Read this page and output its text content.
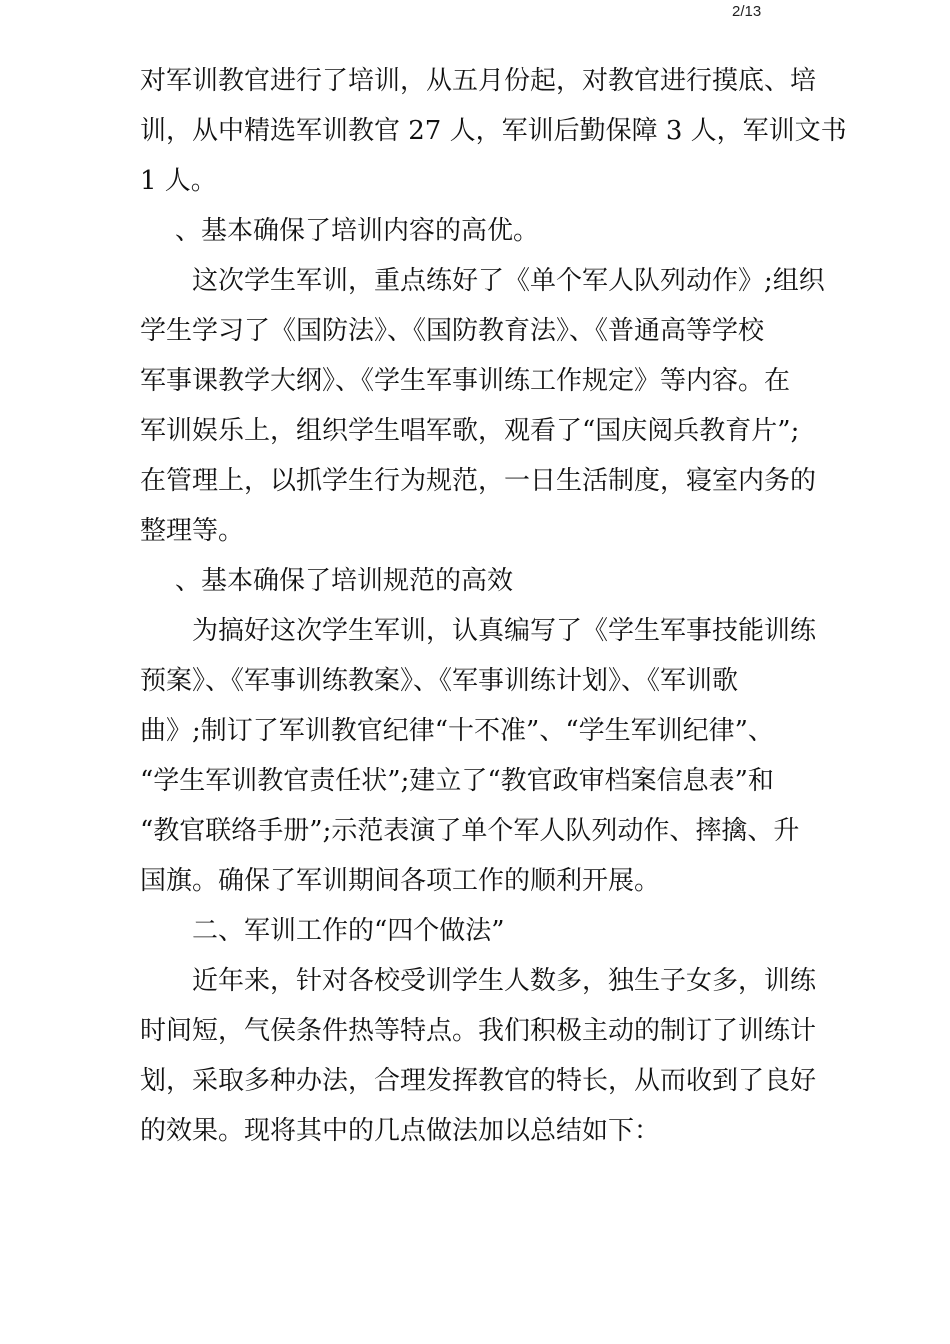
2/13
对军训教官进行了培训，从五月份起，对教官进行摸底、培
训，从中精选军训教官 27 人，军训后勤保障 3 人，军训文书
1 人。
、基本确保了培训内容的高优。
这次学生军训，重点练好了《单个军人队列动作》;组织
学生学习了《国防法》、《国防教育法》、《普通高等学校
军事课教学大纲》、《学生军事训练工作规定》等内容。在
军训娱乐上，组织学生唱军歌，观看了“国庆阅兵教育片”;
在管理上，以抓学生行为规范，一日生活制度，寝室内务的
整理等。
、基本确保了培训规范的高效
为搞好这次学生军训，认真编写了《学生军事技能训练
预案》、《军事训练教案》、《军事训练计划》、《军训歌
曲》;制订了军训教官纪律“十不准”、“学生军训纪律”、
“学生军训教官责任状”;建立了“教官政审档案信息表”和
“教官联络手册”;示范表演了单个军人队列动作、摔擒、升
国旗。确保了军训期间各项工作的顺利开展。
二、军训工作的“四个做法”
近年来，针对各校受训学生人数多，独生子女多，训练
时间短，气侯条件热等特点。我们积极主动的制订了训练计
划，采取多种办法，合理发挥教官的特长，从而收到了良好
的效果。现将其中的几点做法加以总结如下：
